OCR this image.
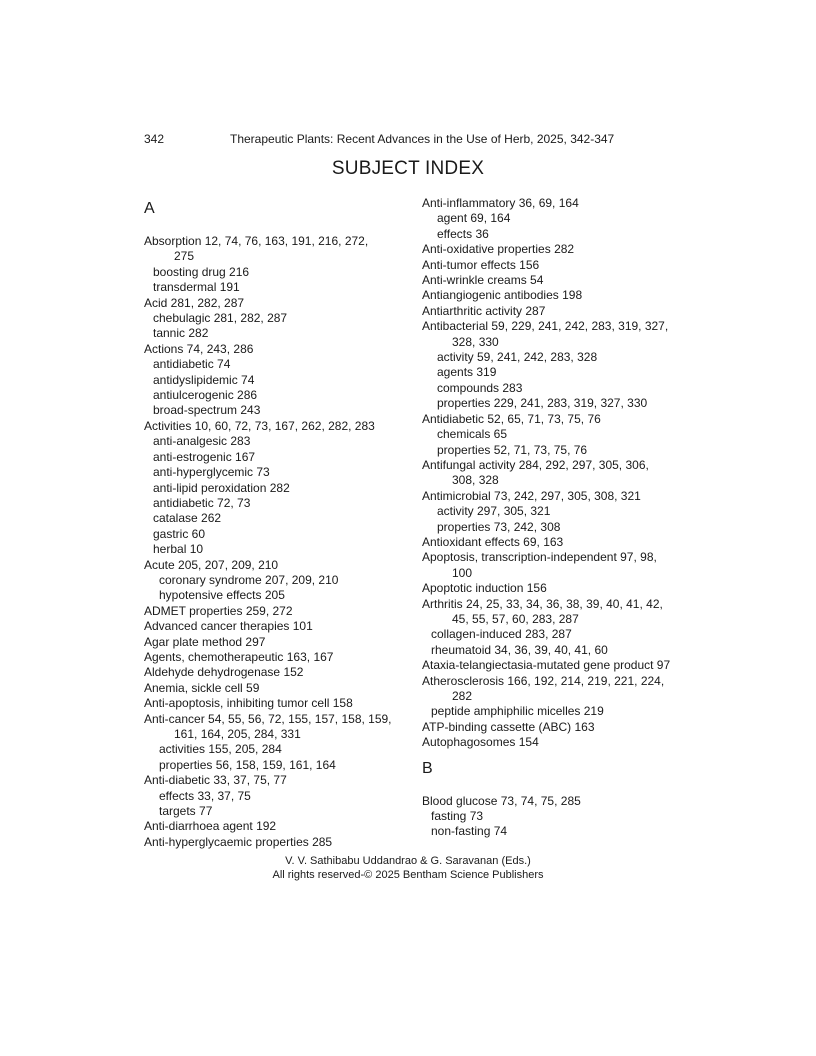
342	Therapeutic Plants: Recent Advances in the Use of Herb, 2025, 342-347
SUBJECT INDEX
A
Absorption 12, 74, 76, 163, 191, 216, 272,
275
boosting drug 216
transdermal 191
Acid 281, 282, 287
chebulagic 281, 282, 287
tannic 282
Actions 74, 243, 286
antidiabetic 74
antidyslipidemic 74
antiulcerogenic 286
broad-spectrum 243
Activities 10, 60, 72, 73, 167, 262, 282, 283
anti-analgesic 283
anti-estrogenic 167
anti-hyperglycemic 73
anti-lipid peroxidation 282
antidiabetic 72, 73
catalase 262
gastric 60
herbal 10
Acute 205, 207, 209, 210
coronary syndrome 207, 209, 210
hypotensive effects 205
ADMET properties 259, 272
Advanced cancer therapies 101
Agar plate method 297
Agents, chemotherapeutic 163, 167
Aldehyde dehydrogenase 152
Anemia, sickle cell 59
Anti-apoptosis, inhibiting tumor cell 158
Anti-cancer 54, 55, 56, 72, 155, 157, 158, 159,
161, 164, 205, 284, 331
activities 155, 205, 284
properties 56, 158, 159, 161, 164
Anti-diabetic 33, 37, 75, 77
effects 33, 37, 75
targets 77
Anti-diarrhoea agent 192
Anti-hyperglycaemic properties 285
Anti-inflammatory 36, 69, 164
agent 69, 164
effects 36
Anti-oxidative properties 282
Anti-tumor effects 156
Anti-wrinkle creams 54
Antiangiogenic antibodies 198
Antiarthritic activity 287
Antibacterial 59, 229, 241, 242, 283, 319, 327,
328, 330
activity 59, 241, 242, 283, 328
agents 319
compounds 283
properties 229, 241, 283, 319, 327, 330
Antidiabetic 52, 65, 71, 73, 75, 76
chemicals 65
properties 52, 71, 73, 75, 76
Antifungal activity 284, 292, 297, 305, 306,
308, 328
Antimicrobial 73, 242, 297, 305, 308, 321
activity 297, 305, 321
properties 73, 242, 308
Antioxidant effects 69, 163
Apoptosis, transcription-independent 97, 98,
100
Apoptotic induction 156
Arthritis 24, 25, 33, 34, 36, 38, 39, 40, 41, 42,
45, 55, 57, 60, 283, 287
collagen-induced 283, 287
rheumatoid 34, 36, 39, 40, 41, 60
Ataxia-telangiectasia-mutated gene product 97
Atherosclerosis 166, 192, 214, 219, 221, 224,
282
peptide amphiphilic micelles 219
ATP-binding cassette (ABC) 163
Autophagosomes 154
B
Blood glucose 73, 74, 75, 285
fasting 73
non-fasting 74
V. V. Sathibabu Uddandrao & G. Saravanan (Eds.)
All rights reserved-© 2025 Bentham Science Publishers
